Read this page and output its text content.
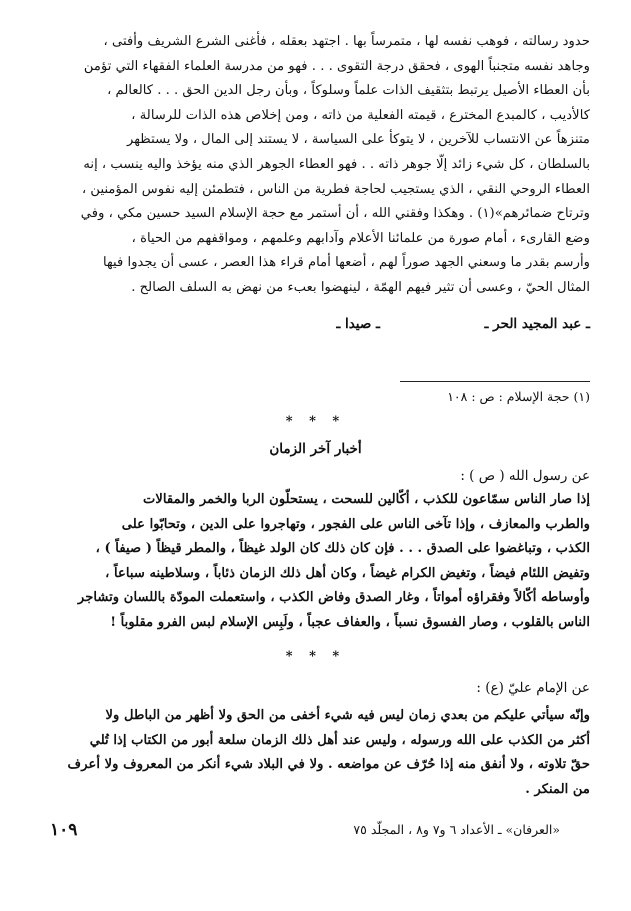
حدود رسالته ، فوهب نفسه لها ، متمرساً بها . اجتهد بعقله ، فأغنى الشرع الشريف وأفتى ،
وجاهد نفسه متجنباً الهوى ، فحقق درجة التقوى . . . فهو من مدرسة العلماء الفقهاء التي تؤمن
بأن العطاء الأصيل يرتبط بتثقيف الذات علماً وسلوكاً ، وبأن رجل الدين الحق . . . كالعالم ،
كالأديب ، كالمبدع المخترع ، قيمته الفعلية من ذاته ، ومن إخلاص هذه الذات للرسالة ،
متنزهاً عن الانتساب للآخرين ، لا يتوكأ على السياسة ، لا يستند إلى المال ، ولا يستظهر
بالسلطان ، كل شيء زائد إلّا جوهر ذاته . . فهو العطاء الجوهر الذي منه يؤخذ واليه ينسب ، إنه
العطاء الروحي النقي ، الذي يستجيب لحاجة فطرية من الناس ، فتطمئن إليه نفوس المؤمنين ،
وترتاح ضمائرهم»(١) . وهكذا وفقني الله ، أن أستمر مع حجة الإسلام السيد حسين مكي ، وفي
وضع القارىء ، أمام صورة من علمائنا الأعلام وآدابهم وعلمهم ، ومواقفهم من الحياة ،
وأرسم بقدر ما وسعني الجهد صوراً لهم ، أضعها أمام قراء هذا العصر ، عسى أن يجدوا فيها
المثال الحيّ ، وعسى أن تثير فيهم الهمّة ، لينهضوا بعبء من نهض به السلف الصالح .
ـ عبد المجيد الحر ـ
ـ صيدا ـ
(١) حجة الإسلام : ص : ١٠٨
* * *
أخبار آخر الزمان
عن رسول الله ( ص ) :
إذا صار الناس سمّاعون للكذب ، أكّالين للسحت ، يستحلّون الربا والخمر والمقالات
والطرب والمعازف ، وإذا تآخى الناس على الفجور ، وتهاجروا على الدين ، وتحابّوا على
الكذب ، وتباغضوا على الصدق . . . فإن كان ذلك كان الولد غيظاً ، والمطر قيظاً ( صيفاً ) ،
وتفيض اللئام فيضاً ، وتغيض الكرام غيضاً ، وكان أهل ذلك الزمان ذئاباً ، وسلاطينه سباعاً ،
وأوساطه أكّالاً وفقراؤه أمواتاً ، وغار الصدق وفاض الكذب ، واستعملت المودّة باللسان وتشاجر
الناس بالقلوب ، وصار الفسوق نسباً ، والعفاف عجباً ، ولَبِس الإسلام لبس الفرو مقلوباً !
* * *
عن الإمام عليّ (ع) :
وإنّه سيأتي عليكم من بعدي زمان ليس فيه شيء أخفى من الحق ولا أظهر من الباطل ولا
أكثر من الكذب على الله ورسوله ، وليس عند أهل ذلك الزمان سلعة أبور من الكتاب إذا تُلي
حقّ تلاوته ، ولا أنفق منه إذا حُرّف عن مواضعه . ولا في البلاد شيء أنكر من المعروف ولا أعرف
من المنكر .
«العرفان» ـ الأعداد ٦ و٧ و٨ ، المجلّد ٧٥
١٠٩
